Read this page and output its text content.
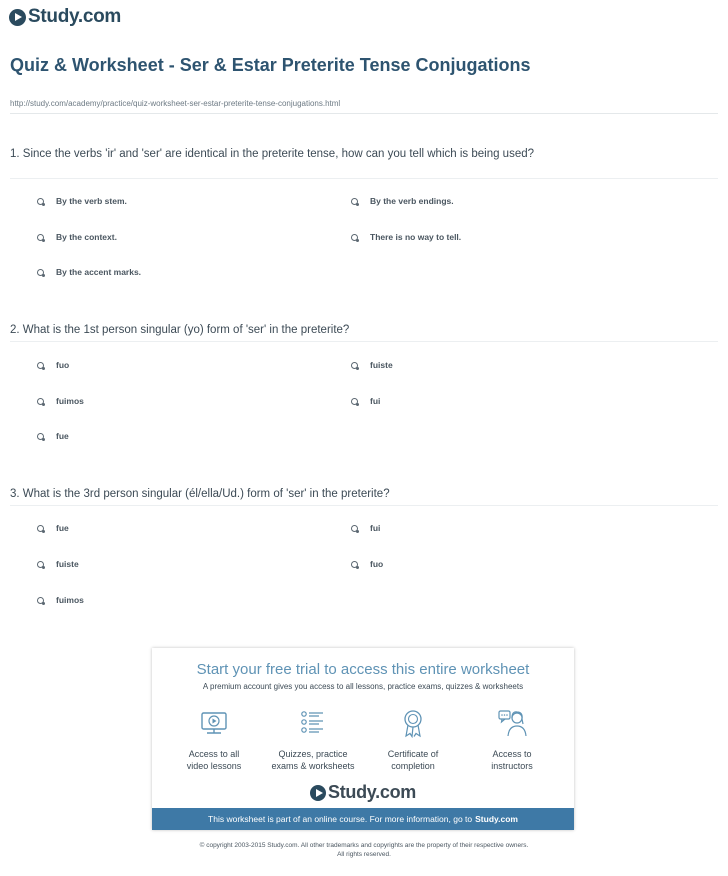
Study.com
Quiz & Worksheet - Ser & Estar Preterite Tense Conjugations
http://study.com/academy/practice/quiz-worksheet-ser-estar-preterite-tense-conjugations.html
1. Since the verbs 'ir' and 'ser' are identical in the preterite tense, how can you tell which is being used?
By the verb stem.	By the verb endings.
By the context.	There is no way to tell.
By the accent marks.
2. What is the 1st person singular (yo) form of 'ser' in the preterite?
fuo	fuiste
fuimos	fui
fue
3. What is the 3rd person singular (él/ella/Ud.) form of 'ser' in the preterite?
fue	fui
fuiste	fuo
fuimos
Start your free trial to access this entire worksheet
A premium account gives you access to all lessons, practice exams, quizzes & worksheets
Access to all
video lessons
Quizzes, practice
exams & worksheets
Certificate of
completion
Access to
instructors
Study.com
This worksheet is part of an online course. For more information, go to Study.com
© copyright 2003-2015 Study.com. All other trademarks and copyrights are the property of their respective owners.
All rights reserved.
